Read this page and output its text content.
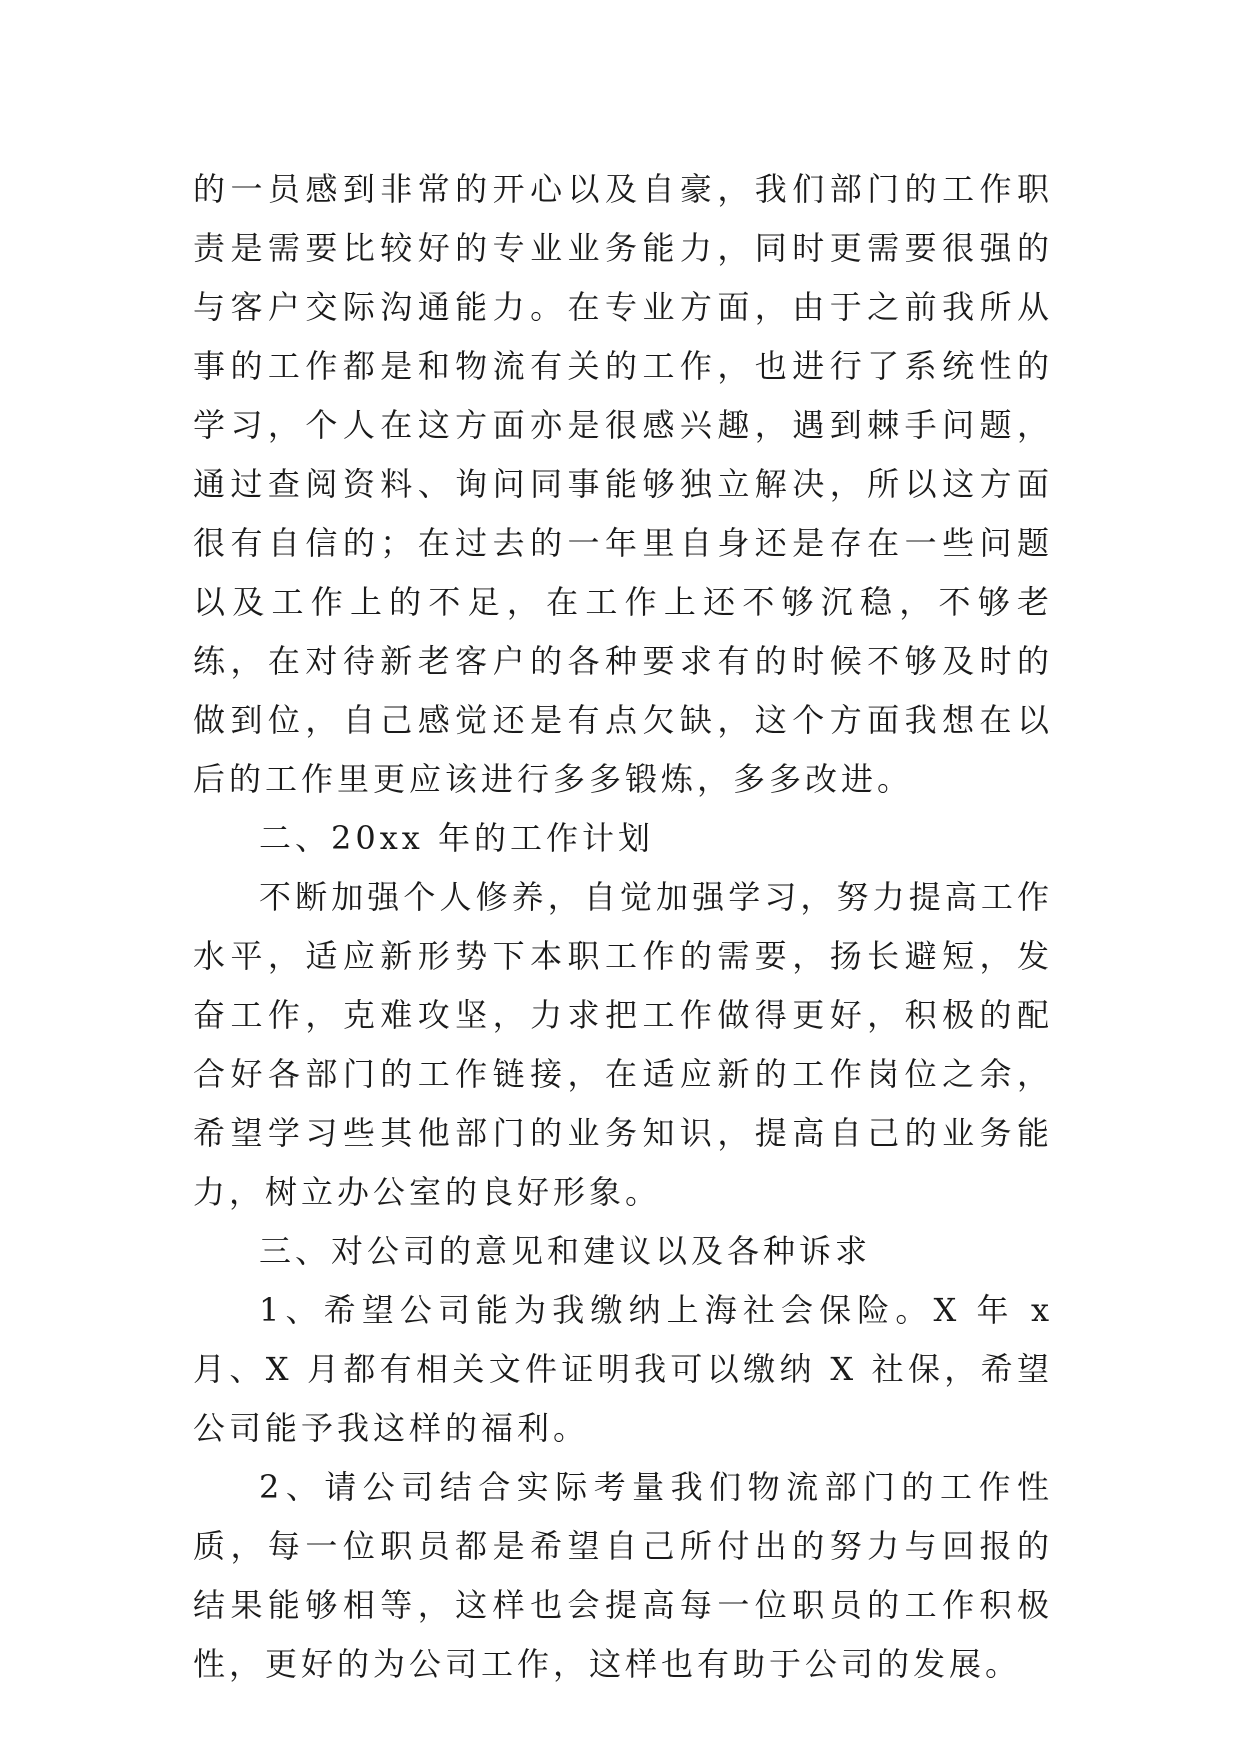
的一员感到非常的开心以及自豪，我们部门的工作职责是需要比较好的专业业务能力，同时更需要很强的与客户交际沟通能力。在专业方面，由于之前我所从事的工作都是和物流有关的工作，也进行了系统性的学习，个人在这方面亦是很感兴趣，遇到棘手问题，通过查阅资料、询问同事能够独立解决，所以这方面很有自信的；在过去的一年里自身还是存在一些问题以及工作上的不足，在工作上还不够沉稳，不够老练，在对待新老客户的各种要求有的时候不够及时的做到位，自己感觉还是有点欠缺，这个方面我想在以后的工作里更应该进行多多锻炼，多多改进。

二、20xx 年的工作计划

不断加强个人修养，自觉加强学习，努力提高工作水平，适应新形势下本职工作的需要，扬长避短，发奋工作，克难攻坚，力求把工作做得更好，积极的配合好各部门的工作链接，在适应新的工作岗位之余，希望学习些其他部门的业务知识，提高自己的业务能力，树立办公室的良好形象。

三、对公司的意见和建议以及各种诉求

1、希望公司能为我缴纳上海社会保险。X 年 x 月、X 月都有相关文件证明我可以缴纳 X 社保，希望公司能予我这样的福利。

2、请公司结合实际考量我们物流部门的工作性质，每一位职员都是希望自己所付出的努力与回报的结果能够相等，这样也会提高每一位职员的工作积极性，更好的为公司工作，这样也有助于公司的发展。
